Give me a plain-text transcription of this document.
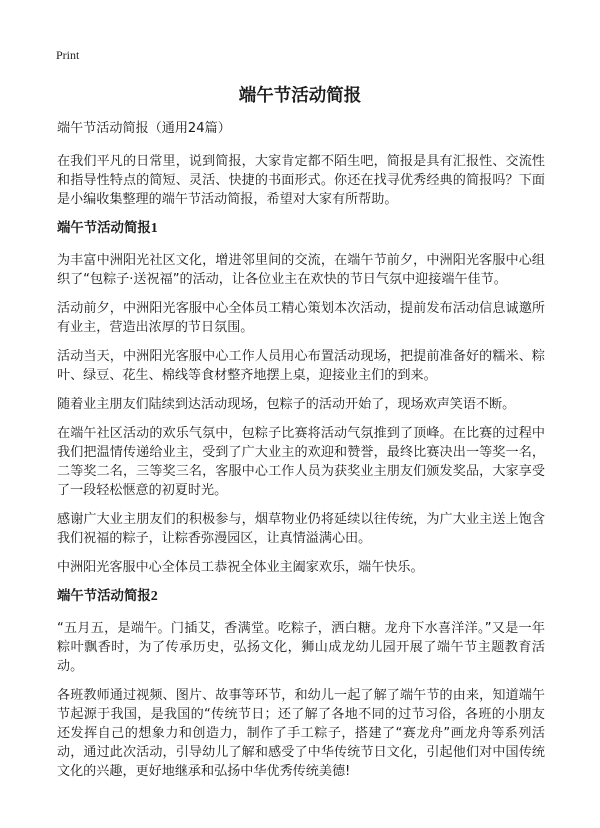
Print
端午节活动简报

端午节活动简报（通用24篇）

在我们平凡的日常里，说到简报，大家肯定都不陌生吧，简报是具有汇报性、交流性和指导性特点的简短、灵活、快捷的书面形式。你还在找寻优秀经典的简报吗？下面是小编收集整理的端午节活动简报，希望对大家有所帮助。

端午节活动简报1

为丰富中洲阳光社区文化，增进邻里间的交流，在端午节前夕，中洲阳光客服中心组织了“包粽子·送祝福”的活动，让各位业主在欢快的节日气氛中迎接端午佳节。

活动前夕，中洲阳光客服中心全体员工精心策划本次活动，提前发布活动信息诚邀所有业主，营造出浓厚的节日氛围。

活动当天，中洲阳光客服中心工作人员用心布置活动现场，把提前准备好的糯米、粽叶、绿豆、花生、棉线等食材整齐地摆上桌，迎接业主们的到来。

随着业主朋友们陆续到达活动现场，包粽子的活动开始了，现场欢声笑语不断。

在端午社区活动的欢乐气氛中，包粽子比赛将活动气氛推到了顶峰。在比赛的过程中我们把温情传递给业主，受到了广大业主的欢迎和赞誉，最终比赛决出一等奖一名，二等奖二名，三等奖三名，客服中心工作人员为获奖业主朋友们颁发奖品，大家享受了一段轻松惬意的初夏时光。

感谢广大业主朋友们的积极参与，烟草物业仍将延续以往传统，为广大业主送上饱含我们祝福的粽子，让粽香弥漫园区，让真情溢满心田。

中洲阳光客服中心全体员工恭祝全体业主阖家欢乐，端午快乐。

端午节活动简报2

“五月五，是端午。门插艾，香满堂。吃粽子，洒白糖。龙舟下水喜洋洋。”又是一年粽叶飘香时，为了传承历史，弘扬文化，狮山成龙幼儿园开展了端午节主题教育活动。

各班教师通过视频、图片、故事等环节，和幼儿一起了解了端午节的由来，知道端午节起源于我国，是我国的“传统节日；还了解了各地不同的过节习俗，各班的小朋友还发挥自己的想象力和创造力，制作了手工粽子，搭建了“赛龙舟”画龙舟等系列活动，通过此次活动，引导幼儿了解和感受了中华传统节日文化，引起他们对中国传统文化的兴趣，更好地继承和弘扬中华优秀传统美德!
